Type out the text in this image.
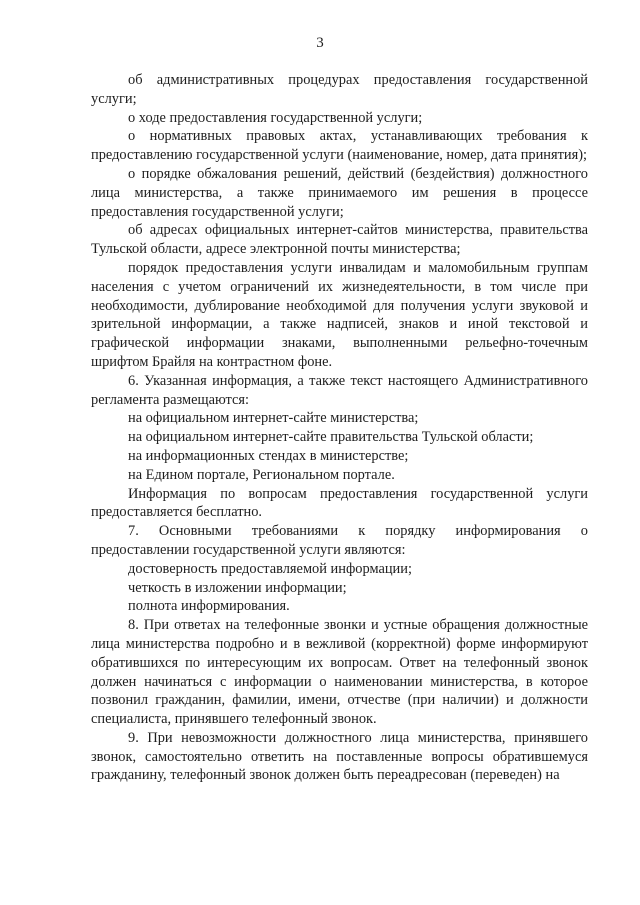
3

об административных процедурах предоставления государственной услуги;

о ходе предоставления государственной услуги;

о нормативных правовых актах, устанавливающих требования к предоставлению государственной услуги (наименование, номер, дата принятия);

о порядке обжалования решений, действий (бездействия) должностного лица министерства, а также принимаемого им решения в процессе предоставления государственной услуги;

об адресах официальных интернет-сайтов министерства, правительства Тульской области, адресе электронной почты министерства;

порядок предоставления услуги инвалидам и маломобильным группам населения с учетом ограничений их жизнедеятельности, в том числе при необходимости, дублирование необходимой для получения услуги звуковой и зрительной информации, а также надписей, знаков и иной текстовой и графической информации знаками, выполненными рельефно-точечным шрифтом Брайля на контрастном фоне.

6. Указанная информация, а также текст настоящего Административного регламента размещаются:

на официальном интернет-сайте министерства;

на официальном интернет-сайте правительства Тульской области;

на информационных стендах в министерстве;

на Едином портале, Региональном портале.

Информация по вопросам предоставления государственной услуги предоставляется бесплатно.

7. Основными требованиями к порядку информирования о предоставлении государственной услуги являются:

достоверность предоставляемой информации;

четкость в изложении информации;

полнота информирования.

8. При ответах на телефонные звонки и устные обращения должностные лица министерства подробно и в вежливой (корректной) форме информируют обратившихся по интересующим их вопросам. Ответ на телефонный звонок должен начинаться с информации о наименовании министерства, в которое позвонил гражданин, фамилии, имени, отчестве (при наличии) и должности специалиста, принявшего телефонный звонок.

9. При невозможности должностного лица министерства, принявшего звонок, самостоятельно ответить на поставленные вопросы обратившемуся гражданину, телефонный звонок должен быть переадресован (переведен) на
